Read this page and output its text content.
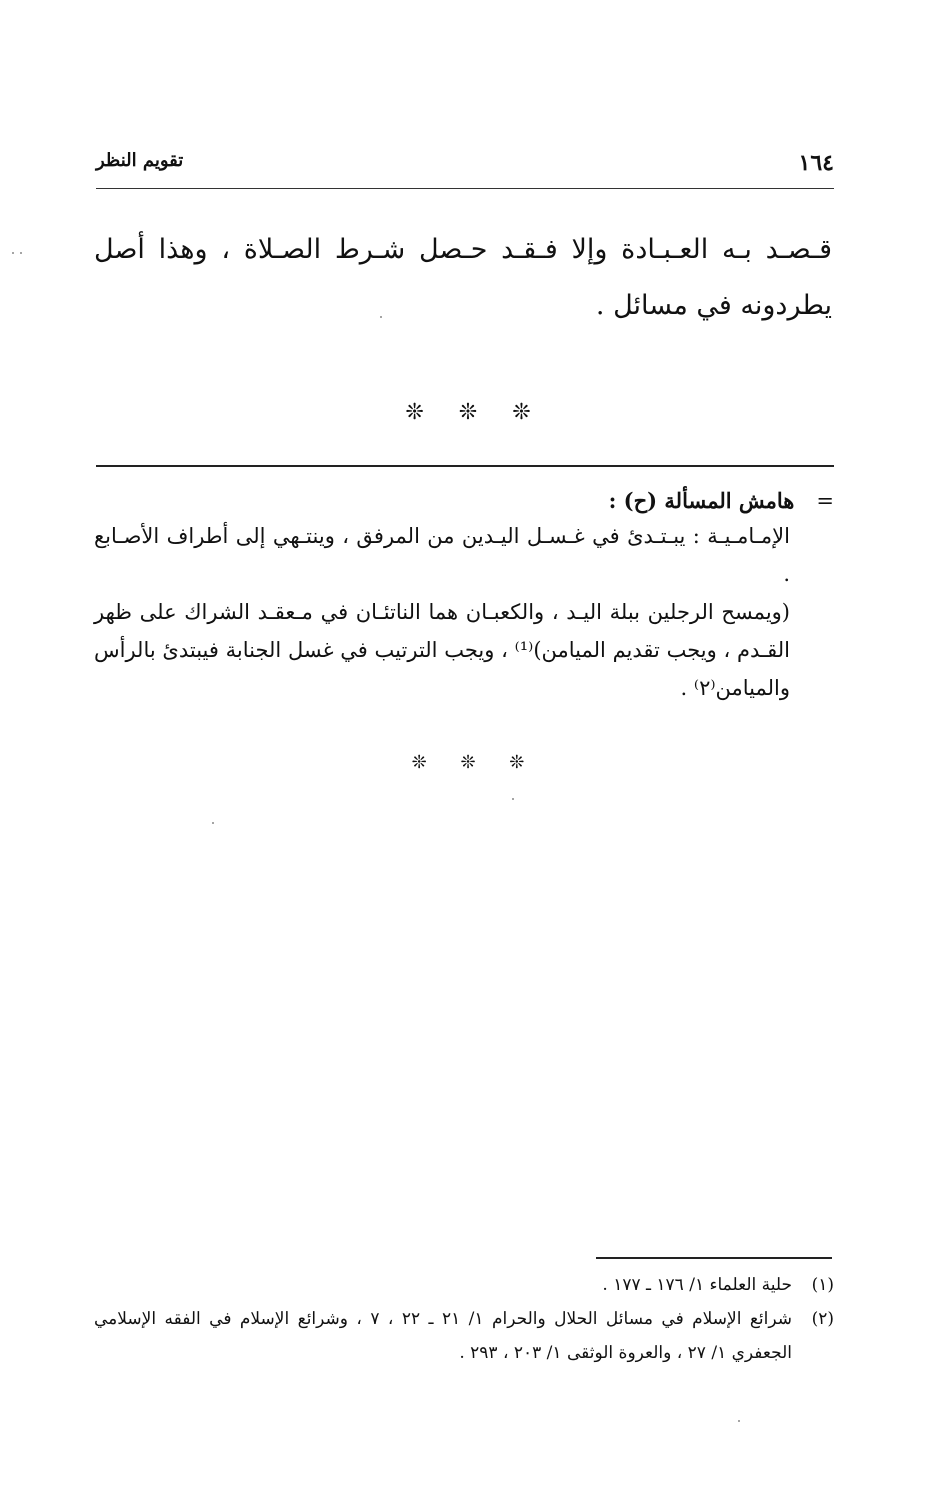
١٦٤
تقويم النظر
قـصـد بـه العـبـادة وإلا فـقـد حـصل شـرط الصـلاة ، وهذا أصل يطردونه في مسائل .
❊ ❊ ❊
=هامش المسألة (ح) :

الإمـامـيـة : يبـتـدئ في غـسـل اليـدين من المرفق ، وينتـهي إلى أطراف الأصـابع .

(ويمسح الرجلين ببلة اليـد ، والكعبـان هما الناتئـان في مـعقـد الشراك على ظهر القـدم ، ويجب تقديم الميامن)⁽¹⁾ ، ويجب الترتيب في غسل الجنابة فيبتدئ بالرأس والميامن⁽٢⁾ .

❊ ❊ ❊

(١)
حلية العلماء ١/ ١٧٦ ـ ١٧٧ .

(٢)
شرائع الإسلام في مسائل الحلال والحرام ١/ ٢١ ـ ٢٢ ، ٧ ، وشرائع الإسلام في الفقه الإسلامي الجعفري ١/ ٢٧ ، والعروة الوثقى ١/ ٢٠٣ ، ٢٩٣ .
